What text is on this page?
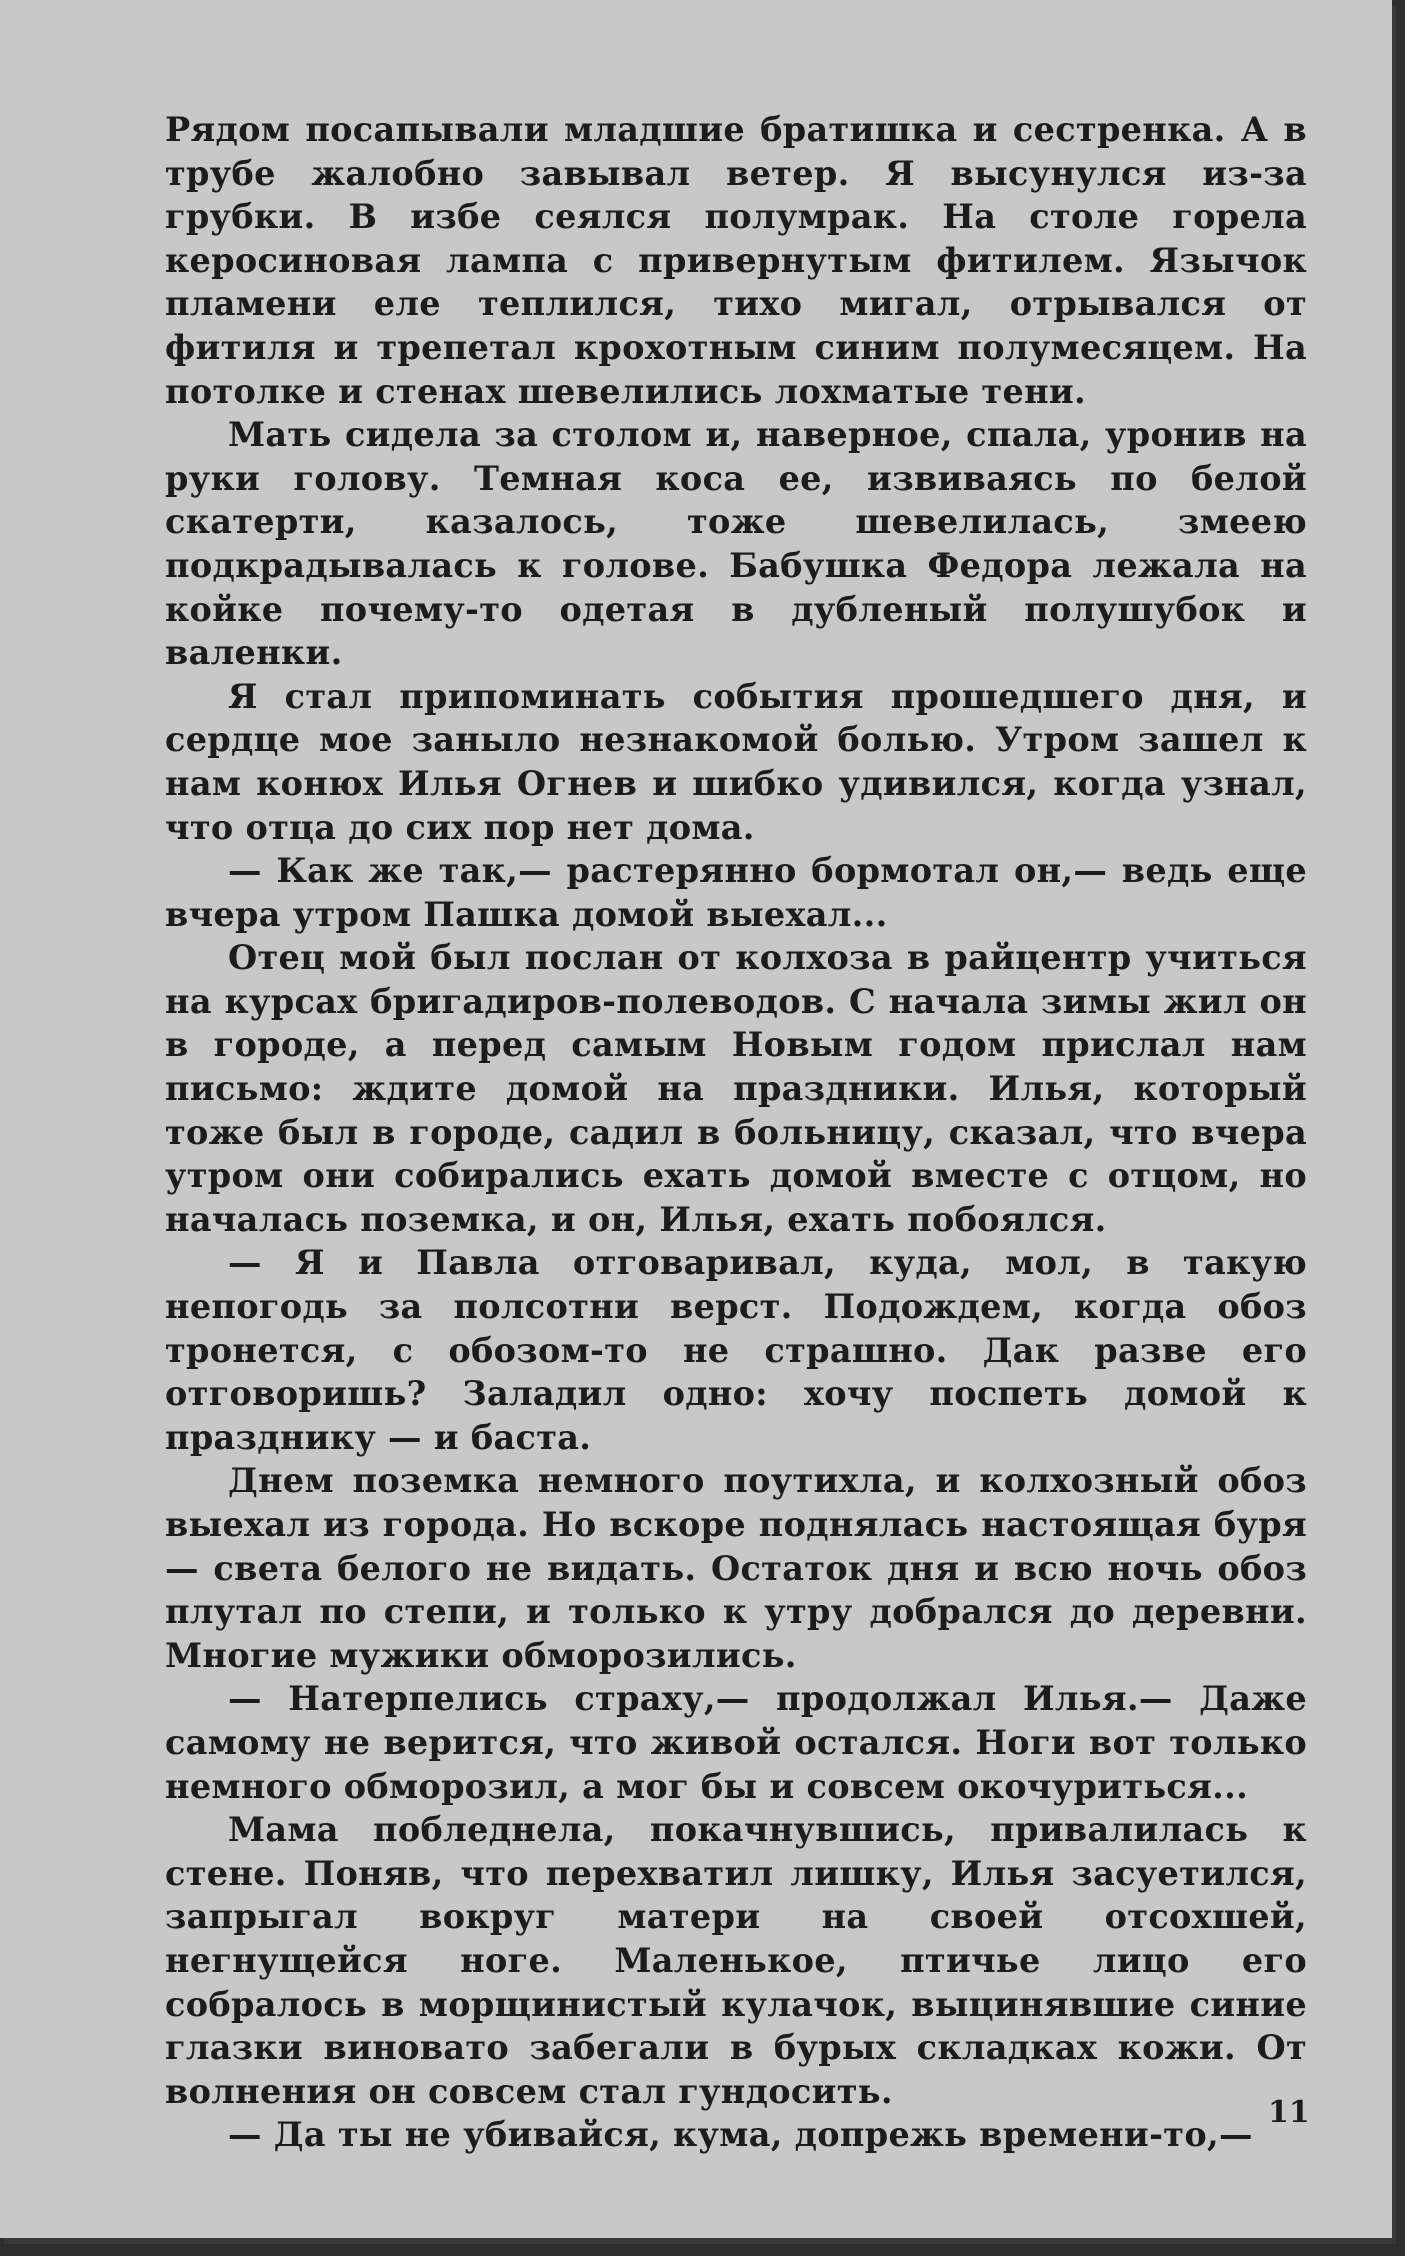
Рядом посапывали младшие братишка и сестренка. А в трубе жалобно завывал ветер. Я высунулся из-за грубки. В избе сеялся полумрак. На столе горела керосиновая лампа с привернутым фитилем. Язычок пламени еле теплился, тихо мигал, отрывался от фитиля и трепетал крохотным синим полумесяцем. На потолке и стенах шевелились лохматые тени.

Мать сидела за столом и, наверное, спала, уронив на руки голову. Темная коса ее, извиваясь по белой скатерти, казалось, тоже шевелилась, змеею подкрадывалась к голове. Бабушка Федора лежала на койке почему-то одетая в дубленый полушубок и валенки.

Я стал припоминать события прошедшего дня, и сердце мое заныло незнакомой болью. Утром зашел к нам конюх Илья Огнев и шибко удивился, когда узнал, что отца до сих пор нет дома.

— Как же так,— растерянно бормотал он,— ведь еще вчера утром Пашка домой выехал...

Отец мой был послан от колхоза в райцентр учиться на курсах бригадиров-полеводов. С начала зимы жил он в городе, а перед самым Новым годом прислал нам письмо: ждите домой на праздники. Илья, который тоже был в городе, садил в больницу, сказал, что вчера утром они собирались ехать домой вместе с отцом, но началась поземка, и он, Илья, ехать побоялся.

— Я и Павла отговаривал, куда, мол, в такую непогодь за полсотни верст. Подождем, когда обоз тронется, с обозом-то не страшно. Дак разве его отговоришь? Заладил одно: хочу поспеть домой к празднику — и баста.

Днем поземка немного поутихла, и колхозный обоз выехал из города. Но вскоре поднялась настоящая буря — света белого не видать. Остаток дня и всю ночь обоз плутал по степи, и только к утру добрался до деревни. Многие мужики обморозились.

— Натерпелись страху,— продолжал Илья.— Даже самому не верится, что живой остался. Ноги вот только немного обморозил, а мог бы и совсем окочуриться...

Мама побледнела, покачнувшись, привалилась к стене. Поняв, что перехватил лишку, Илья засуетился, запрыгал вокруг матери на своей отсохшей, негнущейся ноге. Маленькое, птичье лицо его собралось в морщинистый кулачок, выцинявшие синие глазки виновато забегали в бурых складках кожи. От волнения он совсем стал гундосить.

— Да ты не убивайся, кума, допрежь времени-то,—

11
